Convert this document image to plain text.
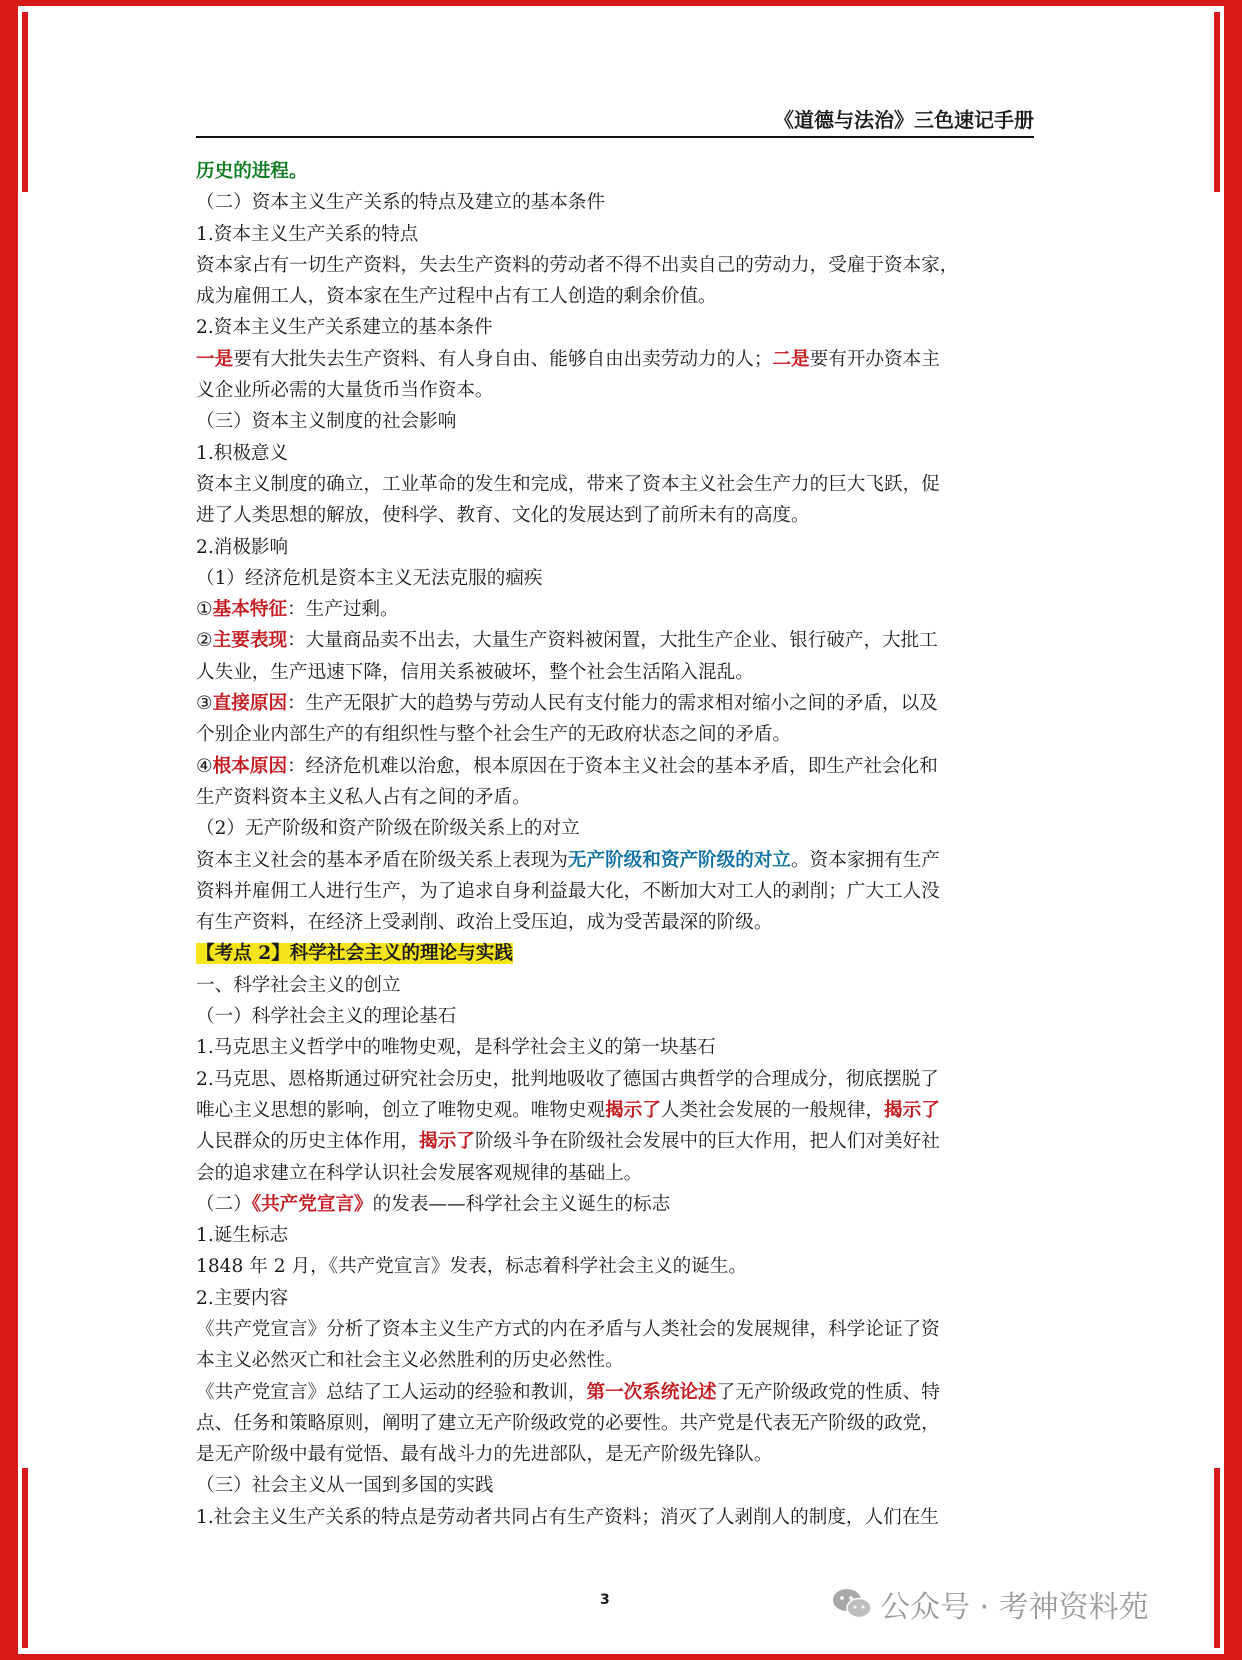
《道德与法治》三色速记手册

历史的进程。

（二）资本主义生产关系的特点及建立的基本条件

1.资本主义生产关系的特点

资本家占有一切生产资料，失去生产资料的劳动者不得不出卖自己的劳动力，受雇于资本家，

成为雇佣工人，资本家在生产过程中占有工人创造的剩余价值。

2.资本主义生产关系建立的基本条件

一是要有大批失去生产资料、有人身自由、能够自由出卖劳动力的人；二是要有开办资本主

义企业所必需的大量货币当作资本。

（三）资本主义制度的社会影响

1.积极意义

资本主义制度的确立，工业革命的发生和完成，带来了资本主义社会生产力的巨大飞跃，促

进了人类思想的解放，使科学、教育、文化的发展达到了前所未有的高度。

2.消极影响

（1）经济危机是资本主义无法克服的痼疾

①基本特征：生产过剩。

②主要表现：大量商品卖不出去，大量生产资料被闲置，大批生产企业、银行破产，大批工

人失业，生产迅速下降，信用关系被破坏，整个社会生活陷入混乱。

③直接原因：生产无限扩大的趋势与劳动人民有支付能力的需求相对缩小之间的矛盾，以及

个别企业内部生产的有组织性与整个社会生产的无政府状态之间的矛盾。

④根本原因：经济危机难以治愈，根本原因在于资本主义社会的基本矛盾，即生产社会化和

生产资料资本主义私人占有之间的矛盾。

（2）无产阶级和资产阶级在阶级关系上的对立

资本主义社会的基本矛盾在阶级关系上表现为无产阶级和资产阶级的对立。资本家拥有生产

资料并雇佣工人进行生产，为了追求自身利益最大化，不断加大对工人的剥削；广大工人没

有生产资料，在经济上受剥削、政治上受压迫，成为受苦最深的阶级。

【考点 2】科学社会主义的理论与实践

一、科学社会主义的创立

（一）科学社会主义的理论基石

1.马克思主义哲学中的唯物史观，是科学社会主义的第一块基石

2.马克思、恩格斯通过研究社会历史，批判地吸收了德国古典哲学的合理成分，彻底摆脱了

唯心主义思想的影响，创立了唯物史观。唯物史观揭示了人类社会发展的一般规律，揭示了

人民群众的历史主体作用，揭示了阶级斗争在阶级社会发展中的巨大作用，把人们对美好社

会的追求建立在科学认识社会发展客观规律的基础上。

（二）《共产党宣言》的发表——科学社会主义诞生的标志

1.诞生标志

1848 年 2 月，《共产党宣言》发表，标志着科学社会主义的诞生。

2.主要内容

《共产党宣言》分析了资本主义生产方式的内在矛盾与人类社会的发展规律，科学论证了资

本主义必然灭亡和社会主义必然胜利的历史必然性。

《共产党宣言》总结了工人运动的经验和教训，第一次系统论述了无产阶级政党的性质、特

点、任务和策略原则，阐明了建立无产阶级政党的必要性。共产党是代表无产阶级的政党，

是无产阶级中最有觉悟、最有战斗力的先进部队，是无产阶级先锋队。

（三）社会主义从一国到多国的实践

1.社会主义生产关系的特点是劳动者共同占有生产资料；消灭了人剥削人的制度，人们在生

3	公众号 · 考神资料苑
